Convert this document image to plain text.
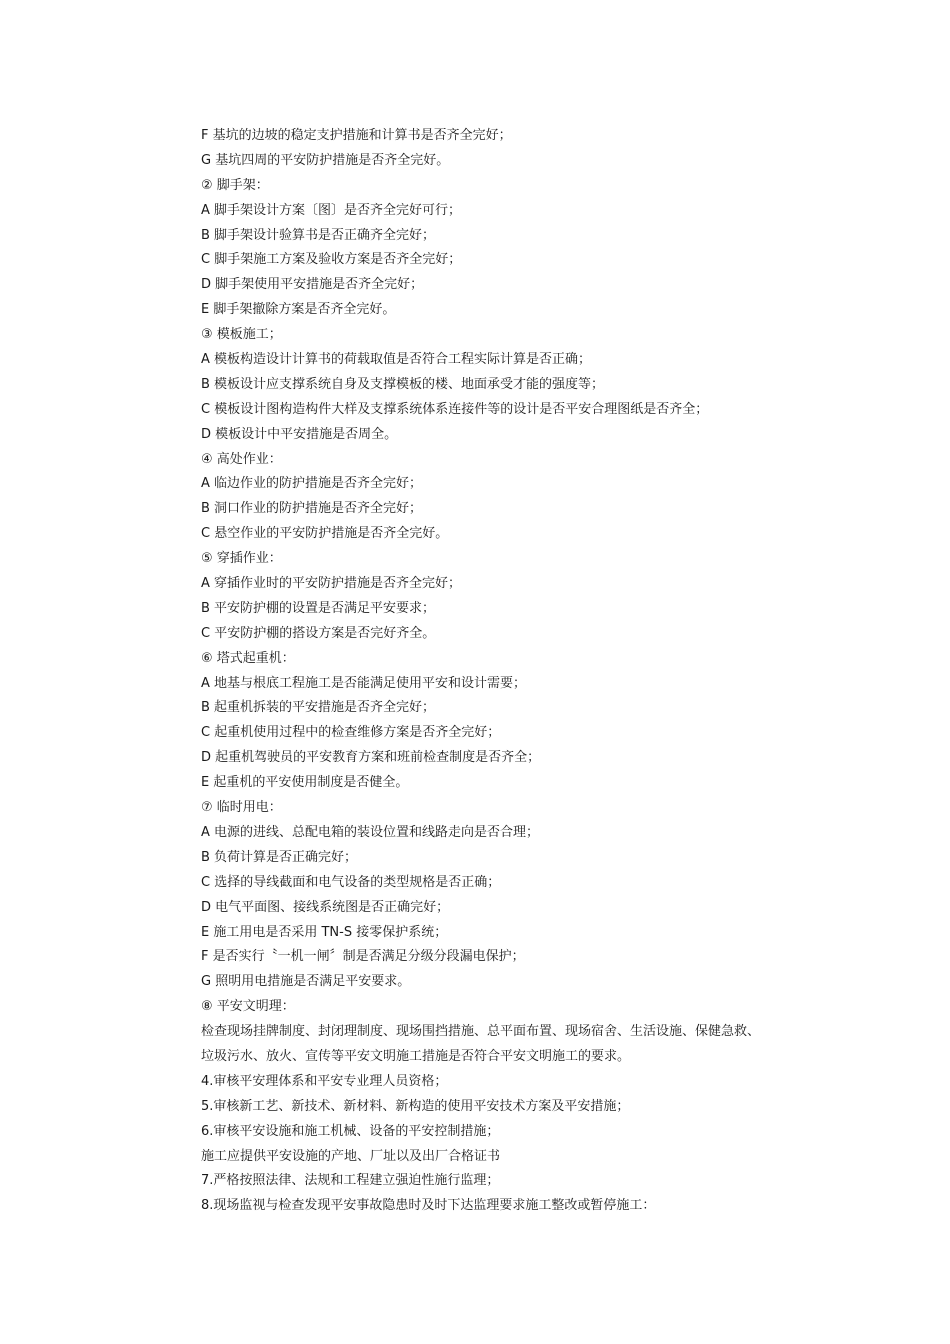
F 基坑的边坡的稳定支护措施和计算书是否齐全完好；
G 基坑四周的平安防护措施是否齐全完好。
② 脚手架：
A 脚手架设计方案〔图〕是否齐全完好可行；
B 脚手架设计验算书是否正确齐全完好；
C 脚手架施工方案及验收方案是否齐全完好；
D 脚手架使用平安措施是否齐全完好；
E 脚手架撤除方案是否齐全完好。
③ 模板施工；
A 模板构造设计计算书的荷载取值是否符合工程实际计算是否正确；
B 模板设计应支撑系统自身及支撑模板的楼、地面承受才能的强度等；
C 模板设计图构造构件大样及支撑系统体系连接件等的设计是否平安合理图纸是否齐全；
D 模板设计中平安措施是否周全。
④ 高处作业：
A 临边作业的防护措施是否齐全完好；
B 洞口作业的防护措施是否齐全完好；
C 悬空作业的平安防护措施是否齐全完好。
⑤ 穿插作业：
A 穿插作业时的平安防护措施是否齐全完好；
B 平安防护棚的设置是否满足平安要求；
C 平安防护棚的搭设方案是否完好齐全。
⑥ 塔式起重机：
A 地基与根底工程施工是否能满足使用平安和设计需要；
B 起重机拆装的平安措施是否齐全完好；
C 起重机使用过程中的检查维修方案是否齐全完好；
D 起重机驾驶员的平安教育方案和班前检查制度是否齐全；
E 起重机的平安使用制度是否健全。
⑦ 临时用电：
A 电源的进线、总配电箱的装设位置和线路走向是否合理；
B 负荷计算是否正确完好；
C 选择的导线截面和电气设备的类型规格是否正确；
D 电气平面图、接线系统图是否正确完好；
E 施工用电是否采用 TN-S 接零保护系统；
F 是否实行〝一机一闸〞制是否满足分级分段漏电保护；
G 照明用电措施是否满足平安要求。
⑧ 平安文明理：
检查现场挂牌制度、封闭理制度、现场围挡措施、总平面布置、现场宿舍、生活设施、保健急救、
垃圾污水、放火、宣传等平安文明施工措施是否符合平安文明施工的要求。
4.审核平安理体系和平安专业理人员资格；
5.审核新工艺、新技术、新材料、新构造的使用平安技术方案及平安措施；
6.审核平安设施和施工机械、设备的平安控制措施；
施工应提供平安设施的产地、厂址以及出厂合格证书
7.严格按照法律、法规和工程建立强迫性施行监理；
8.现场监视与检查发现平安事故隐患时及时下达监理要求施工整改或暂停施工：
